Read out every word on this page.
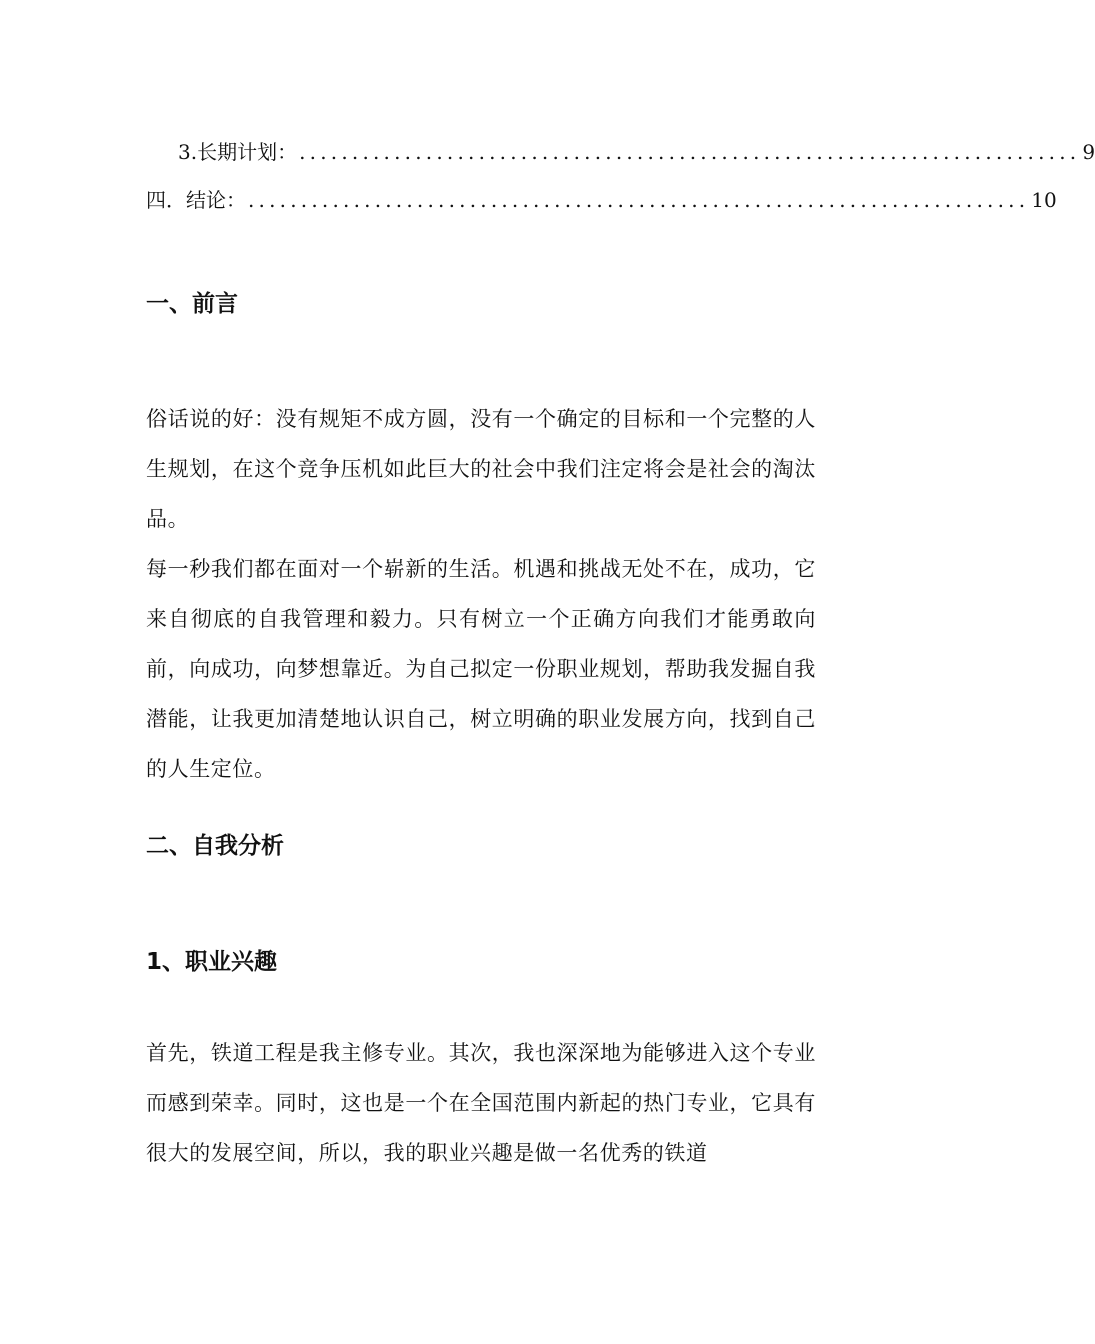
3.长期计划： .......................................................................... 9
四．结论： .......................................................................... 10
一、前言

俗话说的好：没有规矩不成方圆，没有一个确定的目标和一个完整的人生规划，在这个竞争压机如此巨大的社会中我们注定将会是社会的淘汰品。

每一秒我们都在面对一个崭新的生活。机遇和挑战无处不在，成功，它来自彻底的自我管理和毅力。只有树立一个正确方向我们才能勇敢向前，向成功，向梦想靠近。为自己拟定一份职业规划，帮助我发掘自我潜能，让我更加清楚地认识自己，树立明确的职业发展方向，找到自己的人生定位。

二、自我分析
1、职业兴趣

首先，铁道工程是我主修专业。其次，我也深深地为能够进入这个专业而感到荣幸。同时，这也是一个在全国范围内新起的热门专业，它具有很大的发展空间，所以，我的职业兴趣是做一名优秀的铁道
